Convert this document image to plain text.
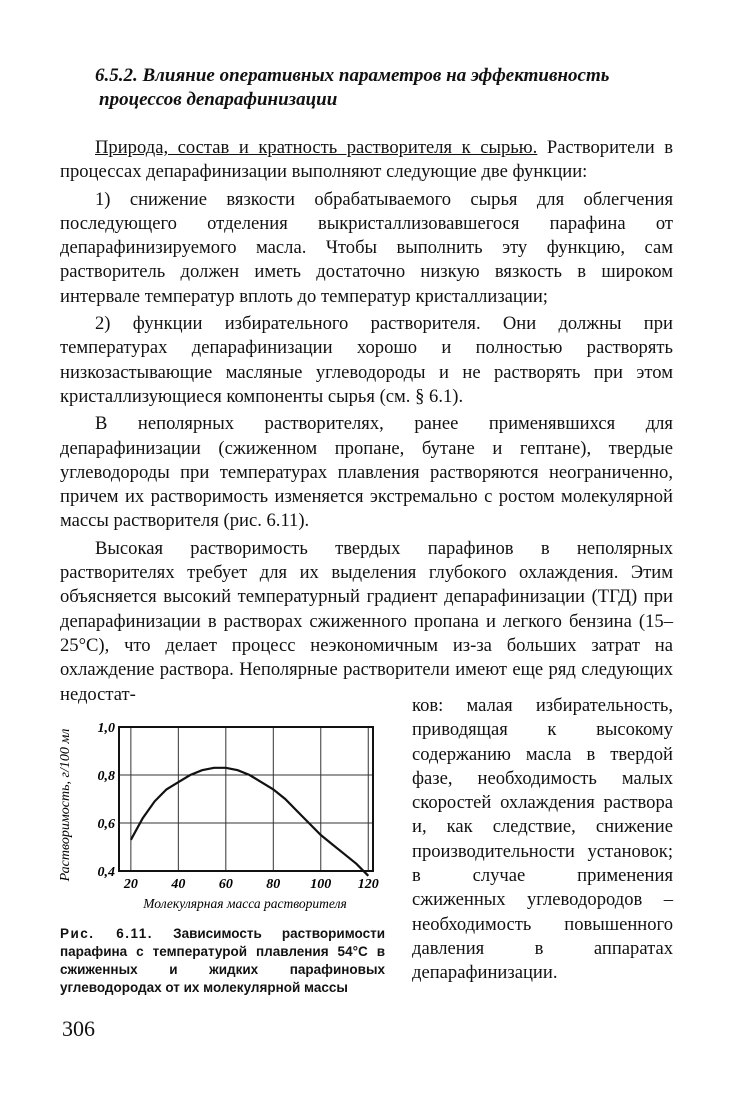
6.5.2. Влияние оперативных параметров на эффективность
процессов депарафинизации

Природа, состав и кратность растворителя к сырью. Растворители в процессах депарафинизации выполняют следующие две функции:

1) снижение вязкости обрабатываемого сырья для облегчения последующего отделения выкристаллизовавшегося парафина от депарафинизируемого масла. Чтобы выполнить эту функцию, сам растворитель должен иметь достаточно низкую вязкость в широком интервале температур вплоть до температур кристаллизации;

2) функции избирательного растворителя. Они должны при температурах депарафинизации хорошо и полностью растворять низкозастывающие масляные углеводороды и не растворять при этом кристаллизующиеся компоненты сырья (см. § 6.1).

В неполярных растворителях, ранее применявшихся для депарафинизации (сжиженном пропане, бутане и гептане), твердые углеводороды при температурах плавления растворяются неограниченно, причем их растворимость изменяется экстремально с ростом молекулярной массы растворителя (рис. 6.11).

Высокая растворимость твердых парафинов в неполярных растворителях требует для их выделения глубокого охлаждения. Этим объясняется высокий температурный градиент депарафинизации (ТГД) при депарафинизации в растворах сжиженного пропана и легкого бензина (15–25°С), что делает процесс неэкономичным из-за больших затрат на охлаждение раствора. Неполярные растворители имеют еще ряд следующих недостат-

ков: малая избирательность, приводящая к высокому содержанию масла в твердой фазе, необходимость малых скоростей охлаждения раствора и, как следствие, снижение производительности установок; в случае применения сжиженных углеводородов – необходимость повышенного давления в аппаратах депарафинизации.

0,4
0,6
0,8
1,0
20 40 60 80 100 120
Растворимость, г/100 мл
Молекулярная масса растворителя
Рис. 6.11. Зависимость растворимости парафина с температурой плавления 54°С в сжиженных и жидких парафиновых углеводородах от их молекулярной массы
306
